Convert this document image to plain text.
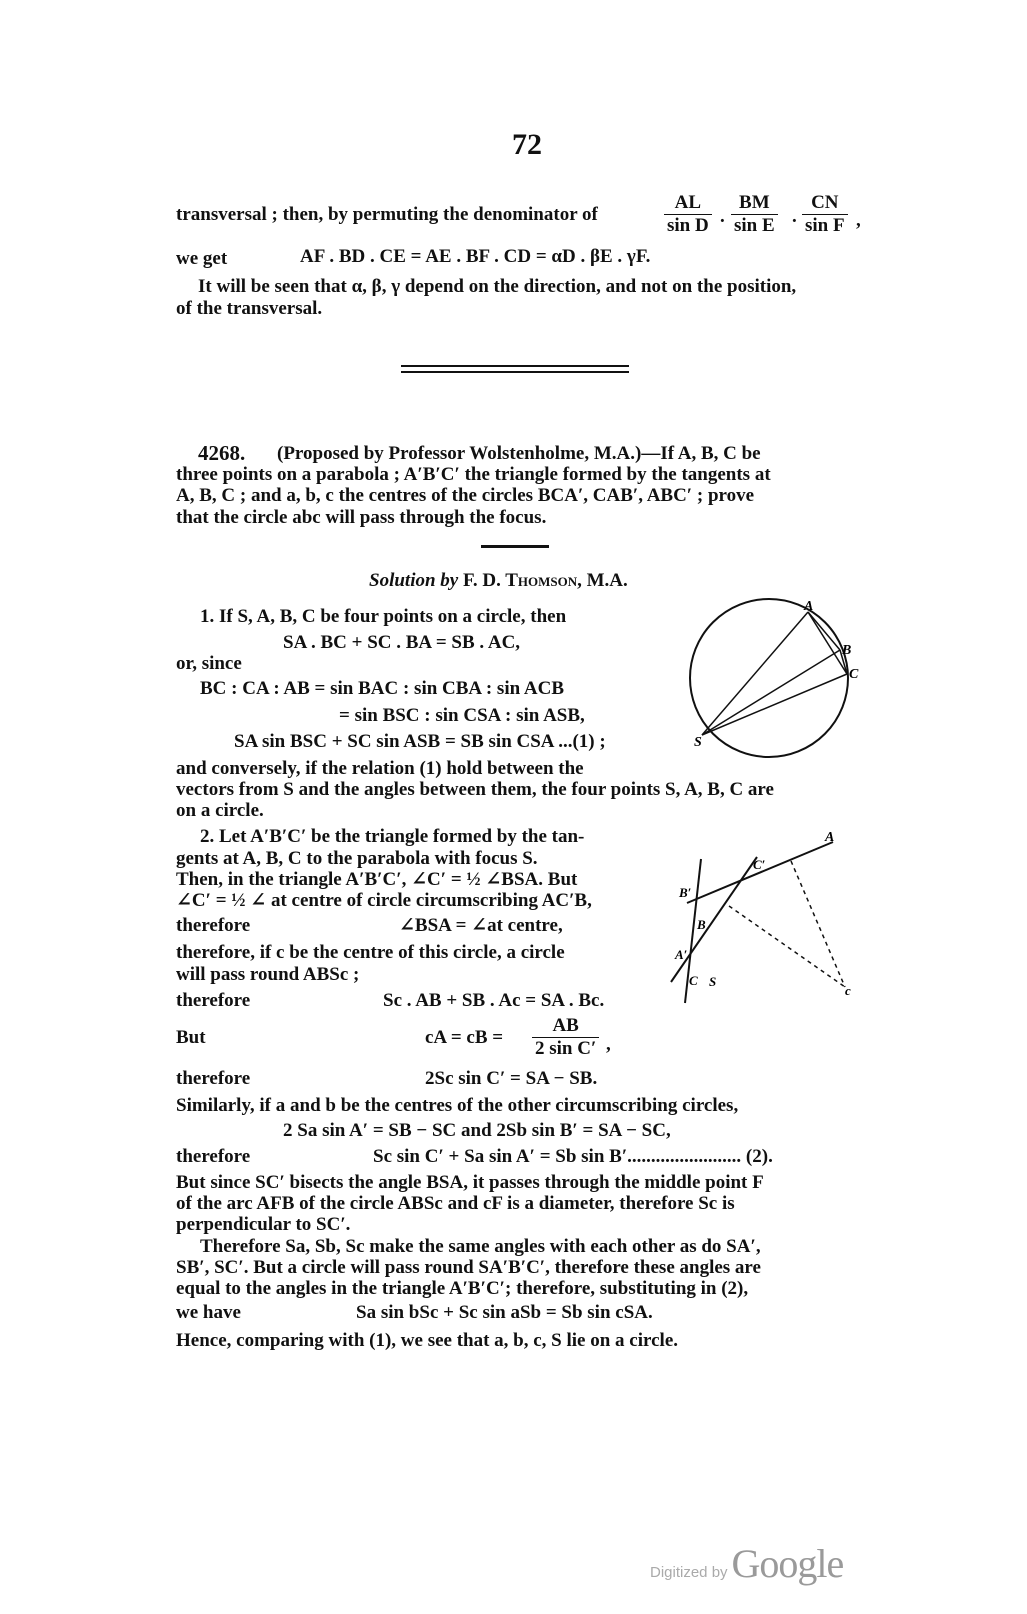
72
transversal ; then, by permuting the denominator of	$\frac{AL}{\text{sin D}}$ . $\frac{BM}{\text{sin E}}$ . $\frac{CN}{\text{sin F}}$ ,
we get	AF . BD . CE = AE . BF . CD = αD . βE . γF.
It will be seen that α, β, γ depend on the direction, and not on the position,
of the transversal.
4268. (Proposed by Professor Wolstenholme, M.A.)—If A, B, C be
three points on a parabola ; A′B′C′ the triangle formed by the tangents at
A, B, C ; and a, b, c the centres of the circles BCA′, CAB′, ABC′ ; prove
that the circle abc will pass through the focus.
Solution by F. D. Thomson, M.A.
1. If S, A, B, C be four points on a circle, then
SA . BC + SC . BA = SB . AC,
or, since
BC : CA : AB = sin BAC : sin CBA : sin ACB
= sin BSC : sin CSA : sin ASB,
SA sin BSC + SC sin ASB = SB sin CSA ...(1) ;
and conversely, if the relation (1) hold between the
vectors from S and the angles between them, the four points S, A, B, C are
on a circle.
A
B
C
S
2. Let A′B′C′ be the triangle formed by the tan-
gents at A, B, C to the parabola with focus S.
Then, in the triangle A′B′C′, ∠C′ = ½ ∠BSA. But
∠C′ = ½ ∠ at centre of circle circumscribing AC′B,
therefore	∠BSA = ∠at centre,
therefore, if c be the centre of this circle, a circle
will pass round ABSc ;
therefore	Sc . AB + SB . Ac = SA . Bc.
But	cA = cB = $\frac{AB}{\text{2 sin C′}}$ ,
therefore	2Sc sin C′ = SA − SB.
Similarly, if a and b be the centres of the other circumscribing circles,
2 Sa sin A′ = SB − SC and 2Sb sin B′ = SA − SC,
therefore	Sc sin C′ + Sa sin A′ = Sb sin B′........................ (2).
But since SC′ bisects the angle BSA, it passes through the middle point F
of the arc AFB of the circle ABSc and cF is a diameter, therefore Sc is
perpendicular to SC′.
Therefore Sa, Sb, Sc make the same angles with each other as do SA′,
SB′, SC′. But a circle will pass round SA′B′C′, therefore these angles are
equal to the angles in the triangle A′B′C′; therefore, substituting in (2),
we have	Sa sin bSc + Sc sin aSb = Sb sin cSA.
Hence, comparing with (1), we see that a, b, c, S lie on a circle.
A
C′
B′
B
A′
C S
c
Digitized by Google
